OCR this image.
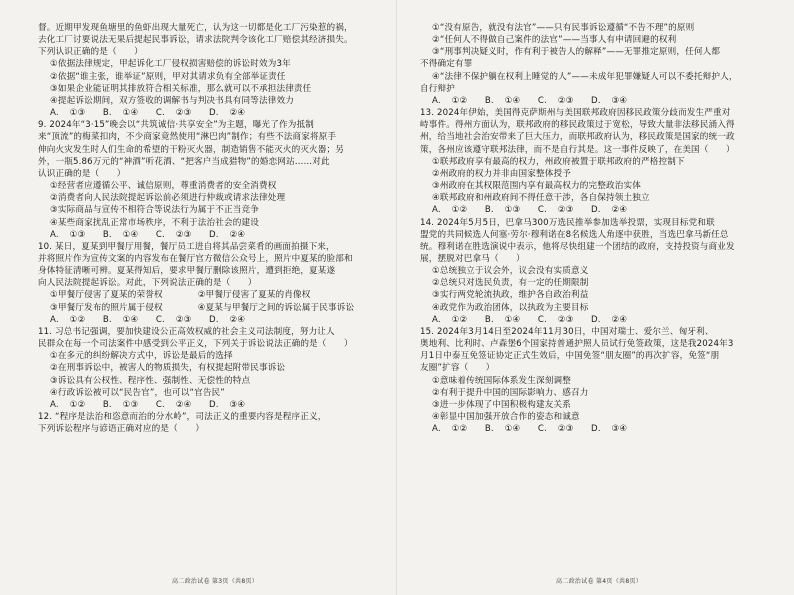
督。近期甲发现鱼塘里的鱼虾出现大量死亡，认为这一切都是化工厂污染惹的祸，

去化工厂讨要说法无果后提起民事诉讼，请求法院判令该化工厂赔偿其经济损失。

下列认识正确的是（　　）

①依据法律规定，甲起诉化工厂侵权损害赔偿的诉讼时效为3年

②依据“谁主张，谁举证”原则，甲对其请求负有全部举证责任

③如果企业能证明其排放符合相关标准，那么就可以不承担法律责任

④提起诉讼期间，双方签收的调解书与判决书具有同等法律效力

A. ①③　　B. ①④　　C. ②③　　D. ②④

9. 2024年“3·15”晚会以“共筑诚信·共享安全”为主题，曝光了作为抵制

来“顶流”的梅菜扣肉，不少商家竟然使用“淋巴肉”制作；有些不法商家将原手

伸向火灾发生时人们生命的希望的干粉灭火器，制造销售不能灭火的灭火器；另

外，一瓶5.86万元的“神酒”听花酒、“把客户当成猎物”的婚恋网站……对此

认识正确的是（　　）

①经营者应遵循公平、诚信原则，尊重消费者的安全消费权

②消费者向人民法院提起诉讼前必须进行仲裁或请求法律处理

③实际商品与宣传不相符合等说法行为属于不正当竞争

④某些商家扰乱正常市场秩序，不利于法治社会的建设

A. ①③　　B. ①④　　C. ②③　　D. ②④

10. 某日，夏某到甲餐厅用餐，餐厅员工进自将其品尝菜肴的画面拍摄下来，

并将照片作为宣传文案的内容发布在餐厅官方微信公众号上，照片中夏某的脸部和

身体特征清晰可辨。夏某得知后，要求甲餐厅删除该照片，遭到拒绝，夏某遂

向人民法院提起诉讼。对此，下列说法正确的是（　　）

①甲餐厅侵害了夏某的荣誉权　　　　②甲餐厅侵害了夏某的肖像权

③甲餐厅发布的照片属于侵权　　　　④夏某与甲餐厅之间的诉讼属于民事诉讼

A. ①②　　B. ①④　　C. ②③　　D. ②④

11. 习总书记强调，要加快建设公正高效权威的社会主义司法制度，努力让人

民群众在每一个司法案件中感受到公平正义，下列关于诉讼说法正确的是（　　）

①在多元的纠纷解决方式中，诉讼是最后的选择

②在刑事诉讼中，被害人的物质损失，有权提起附带民事诉讼

③诉讼具有公权性、程序性、强制性、无偿性的特点

④行政诉讼被可以“民告官”，也可以“官告民”

A. ①②　　B. ①③　　C. ②④　　D. ③④

12. “程序是法治和恣意而治的分水岭”，司法正义的重要内容是程序正义，

下列诉讼程序与谚语正确对应的是（　　）

①“没有原告，就没有法官”——只有民事诉讼遵循“不告不理”的原则

②“任何人不得做自己案件的法官”——当事人有申请回避的权利

③“刑事判决疑义时，作有利于被告人的解释”——无罪推定原则，任何人都

不得确定有罪

④“法律不保护躺在权利上睡觉的人”——未成年犯罪嫌疑人可以不委托辩护人，

自行辩护

A. ①②　　B. ①④　　C. ②③　　D. ③④

13. 2024年伊始，美国得克萨斯州与美国联邦政府因移民政策分歧而发生严重对

峙事件。得州方面认为，联邦政府的移民政策过于宽松，导致大量非法移民涌入得

州，给当地社会治安带来了巨大压力，而联邦政府认为，移民政策是国家的统一政

策，各州应该遵守联邦法律，而不是自行其是。这一事件反映了，在美国（　　）

①联邦政府享有最高的权力，州政府被置于联邦政府的严格控制下

②州政府的权力并非由国家整体授予

③州政府在其权限范围内享有最高权力的完整政治实体

④联邦政府和州政府间不得任意干涉，各自保持领土独立

A. ①②　　B. ①③　　C. ②③　　D. ②④

14. 2024年5月5日，巴拿马300万选民推举参加选举投票，实现目标党和联

盟党的共同候选人何塞·劳尔·穆利诺在8名候选人角逐中获胜，当选巴拿马新任总

统。穆利诺在胜选演说中表示，他将尽快组建一个团结的政府，支持投资与商业发

展，摆脱对巴拿马（　　）

①总统独立于议会外，议会没有实质意义

②总统只对选民负责，有一定的任期限制

③实行两党轮流执政，维护各自政治利益

④政党作为政治团体，以执政为主要目标

A. ①②　　B. ①④　　C. ②③　　D. ②④

15. 2024年3月14日至2024年11月30日，中国对瑞士、爱尔兰、匈牙利、

奥地利、比利时、卢森堡6个国家持普通护照人员试行免签政策，这是我2024年3

月1日中泰互免签证协定正式生效后，中国免签“朋友圈”的再次扩容，免签“朋

友圈”扩容（　　）

①意味着传统国际体系发生深刻调整

②有利于提升中国的国际影响力、感召力

③进一步体现了中国积极构建友关系

④彰显中国加强开放合作的姿态和诚意

A. ①②　　B. ①④　　C. ②③　　D. ③④

高二政治试卷 第3页（共8页）	高二政治试卷 第4页（共8页）
